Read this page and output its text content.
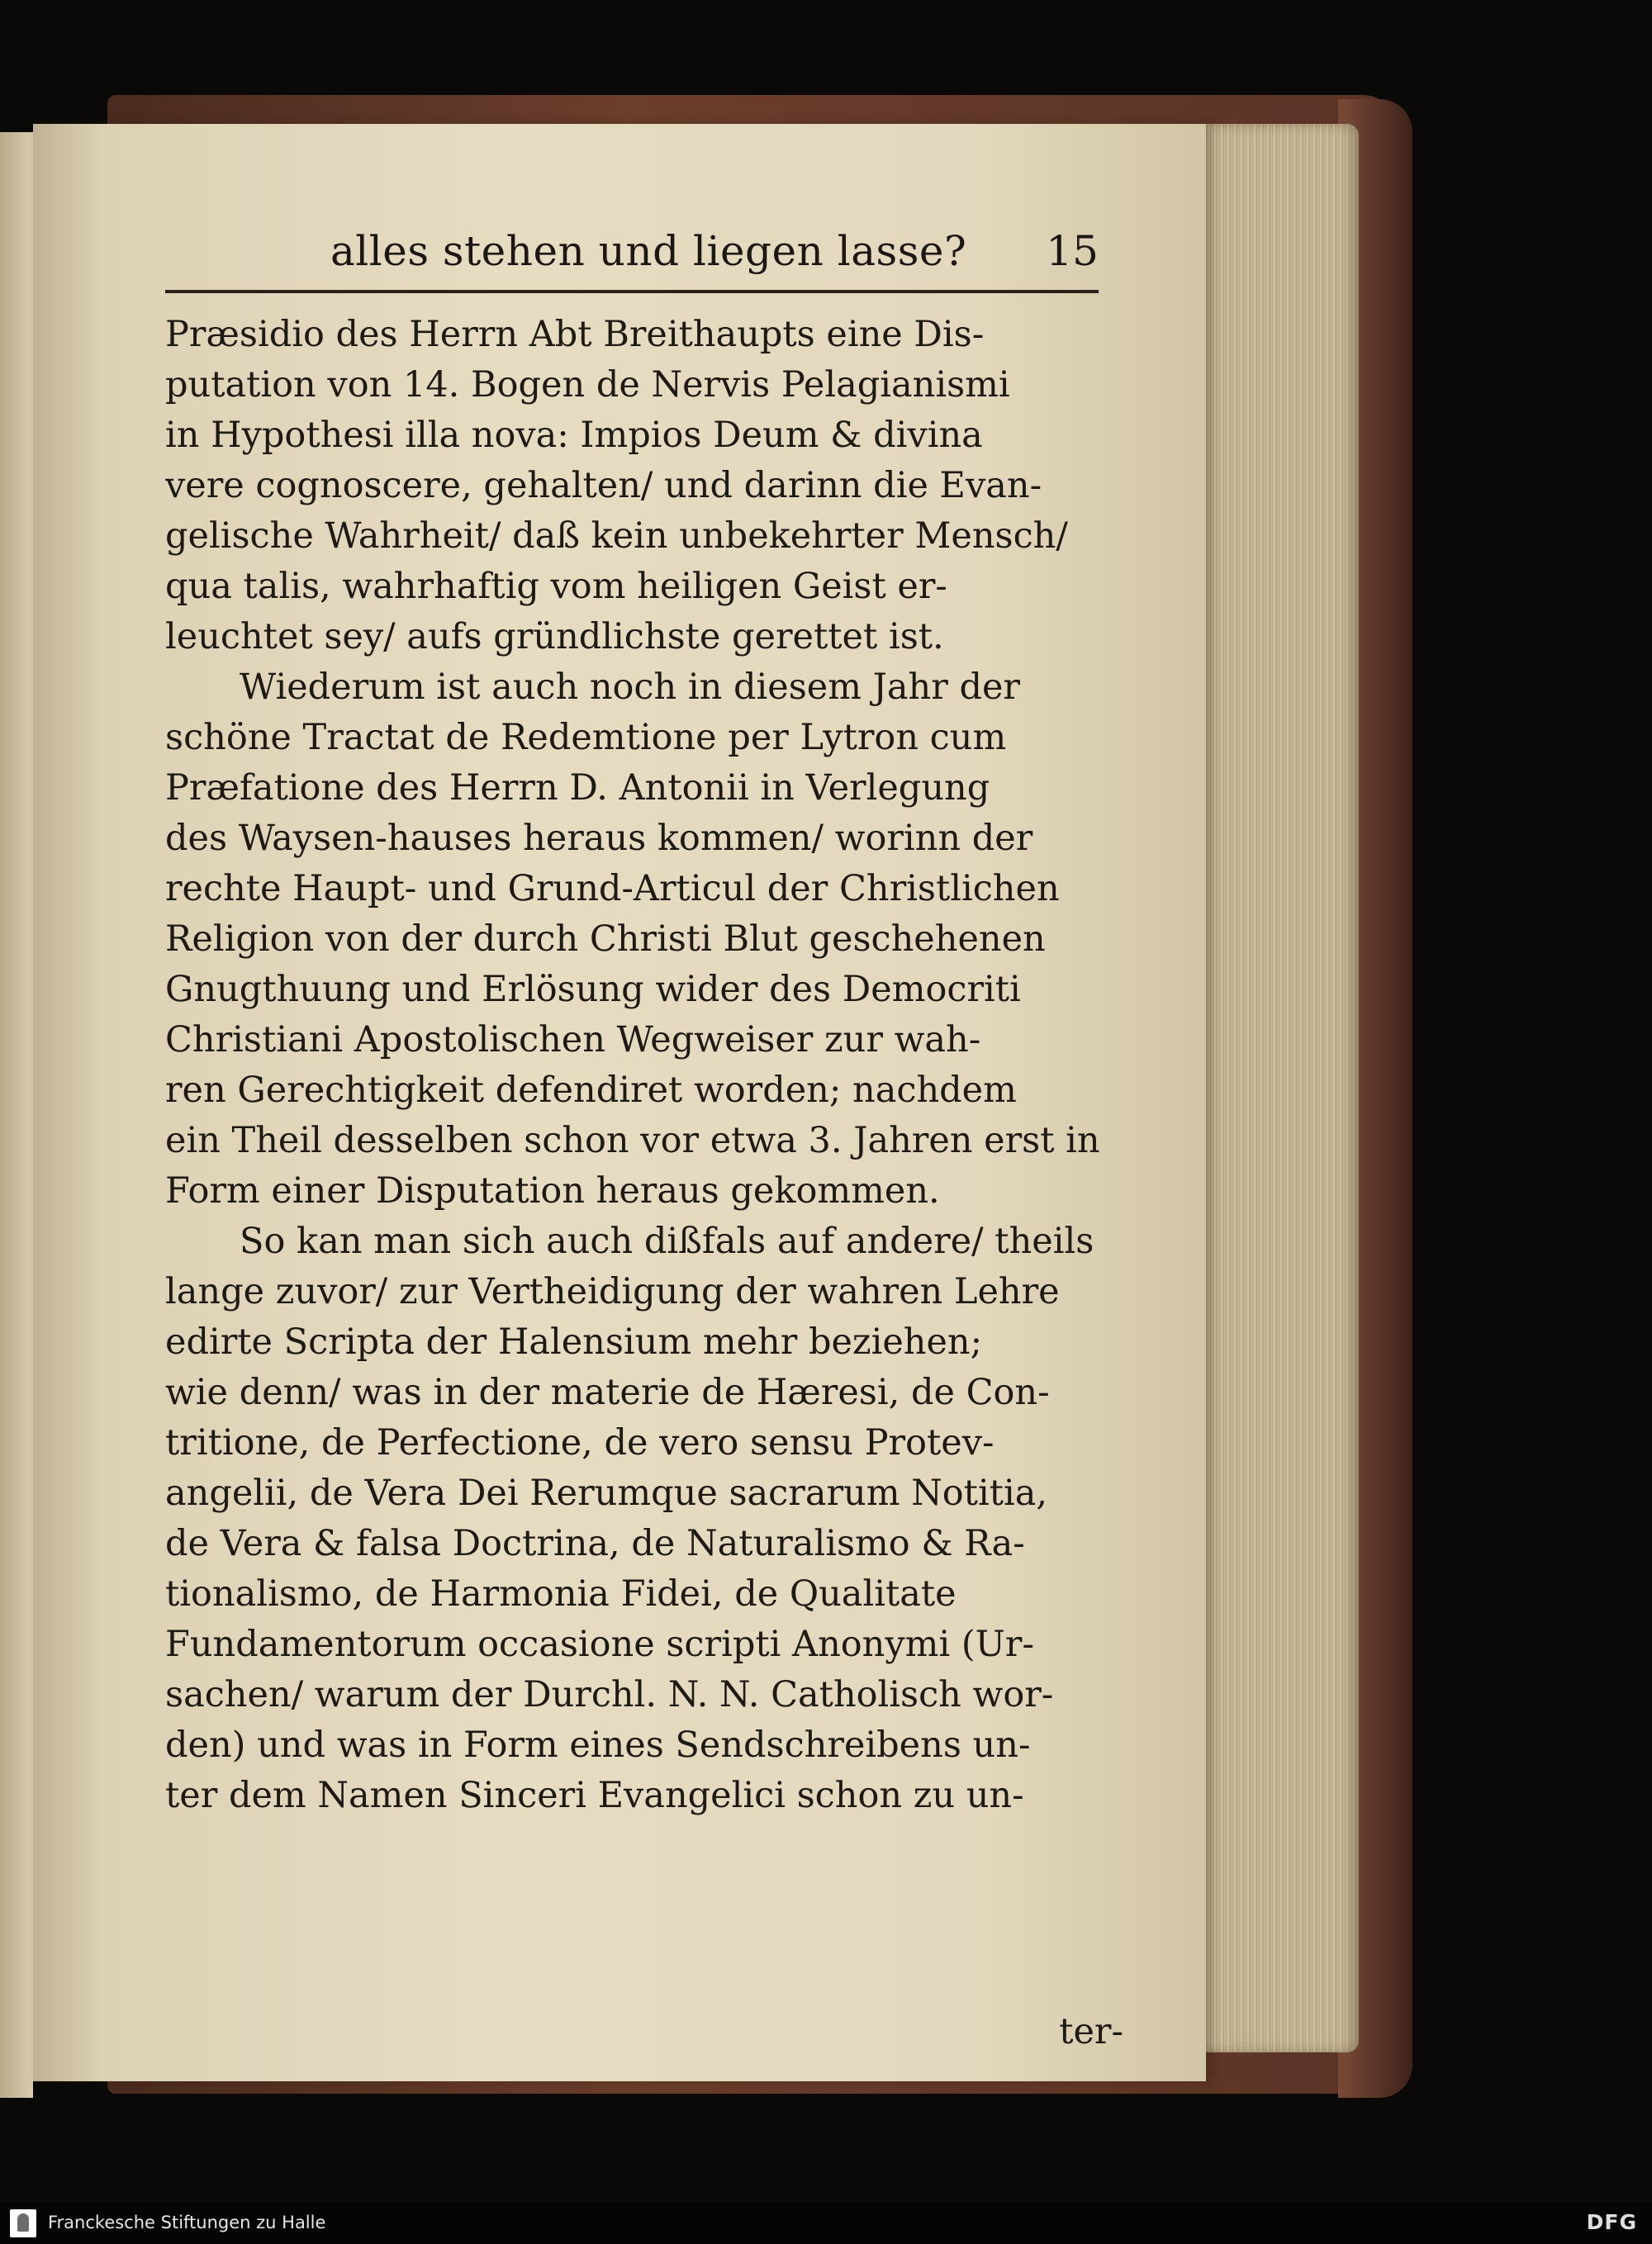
alles stehen und liegen lasse? 15
Præsidio des Herrn Abt Breithaupts eine Dis-
putation von 14. Bogen de Nervis Pelagianismi
in Hypothesi illa nova: Impios Deum & divina
vere cognoscere, gehalten/ und darinn die Evan-
gelische Wahrheit/ daß kein unbekehrter Mensch/
qua talis, wahrhaftig vom heiligen Geist er-
leuchtet sey/ aufs gründlichste gerettet ist.
Wiederum ist auch noch in diesem Jahr der
schöne Tractat de Redemtione per Lytron cum
Præfatione des Herrn D. Antonii in Verlegung
des Waysen-hauses heraus kommen/ worinn der
rechte Haupt- und Grund-Articul der Christlichen
Religion von der durch Christi Blut geschehenen
Gnugthuung und Erlösung wider des Democriti
Christiani Apostolischen Wegweiser zur wah-
ren Gerechtigkeit defendiret worden; nachdem
ein Theil desselben schon vor etwa 3. Jahren erst in
Form einer Disputation heraus gekommen.
So kan man sich auch dißfals auf andere/ theils
lange zuvor/ zur Vertheidigung der wahren Lehre
edirte Scripta der Halensium mehr beziehen;
wie denn/ was in der materie de Hæresi, de Con-
tritione, de Perfectione, de vero sensu Protev-
angelii, de Vera Dei Rerumque sacrarum Notitia,
de Vera & falsa Doctrina, de Naturalismo & Ra-
tionalismo, de Harmonia Fidei, de Qualitate
Fundamentorum occasione scripti Anonymi (Ur-
sachen/ warum der Durchl. N. N. Catholisch wor-
den) und was in Form eines Sendschreibens un-
ter dem Namen Sinceri Evangelici schon zu un-
ter-
Franckesche Stiftungen zu Halle	DFG
